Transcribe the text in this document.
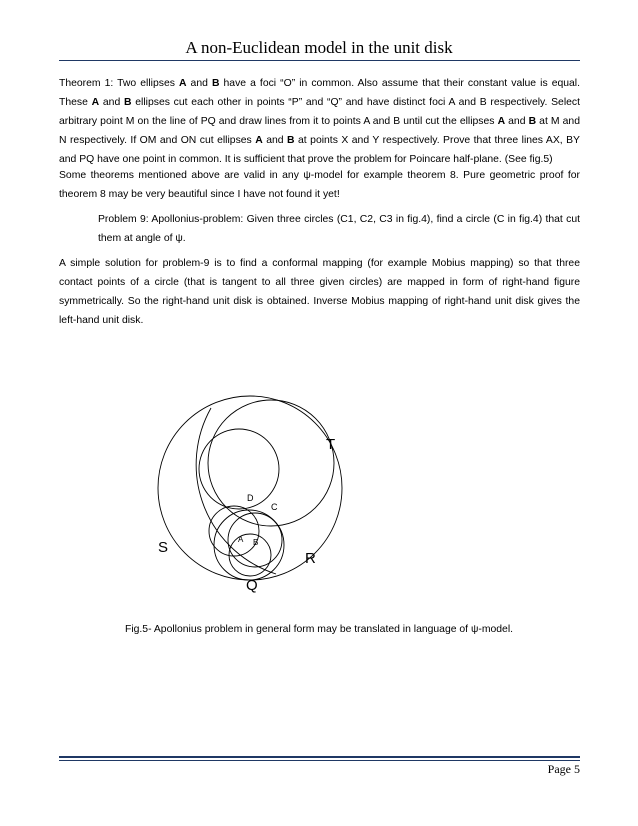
A non-Euclidean model in the unit disk
Theorem 1: Two ellipses A and B have a foci “O” in common. Also assume that their constant value is equal. These A and B ellipses cut each other in points “P” and “Q” and have distinct foci A and B respectively. Select arbitrary point M on the line of PQ and draw lines from it to points A and B until cut the ellipses A and B at M and N respectively. If OM and ON cut ellipses A and B at points X and Y respectively. Prove that three lines AX, BY and PQ have one point in common. It is sufficient that prove the problem for Poincare half-plane. (See fig.5)
Some theorems mentioned above are valid in any ψ-model for example theorem 8. Pure geometric proof for theorem 8 may be very beautiful since I have not found it yet!
Problem 9: Apollonius-problem: Given three circles (C1, C2, C3 in fig.4), find a circle (C in fig.4) that cut them at angle of ψ.
A simple solution for problem-9 is to find a conformal mapping (for example Mobius mapping) so that three contact points of a circle (that is tangent to all three given circles) are mapped in form of right-hand figure symmetrically. So the right-hand unit disk is obtained. Inverse Mobius mapping of right-hand unit disk gives the left-hand unit disk.
T
S
R
Q
D
C
A B
Fig.5- Apollonius problem in general form may be translated in language of ψ-model.
Page 5
